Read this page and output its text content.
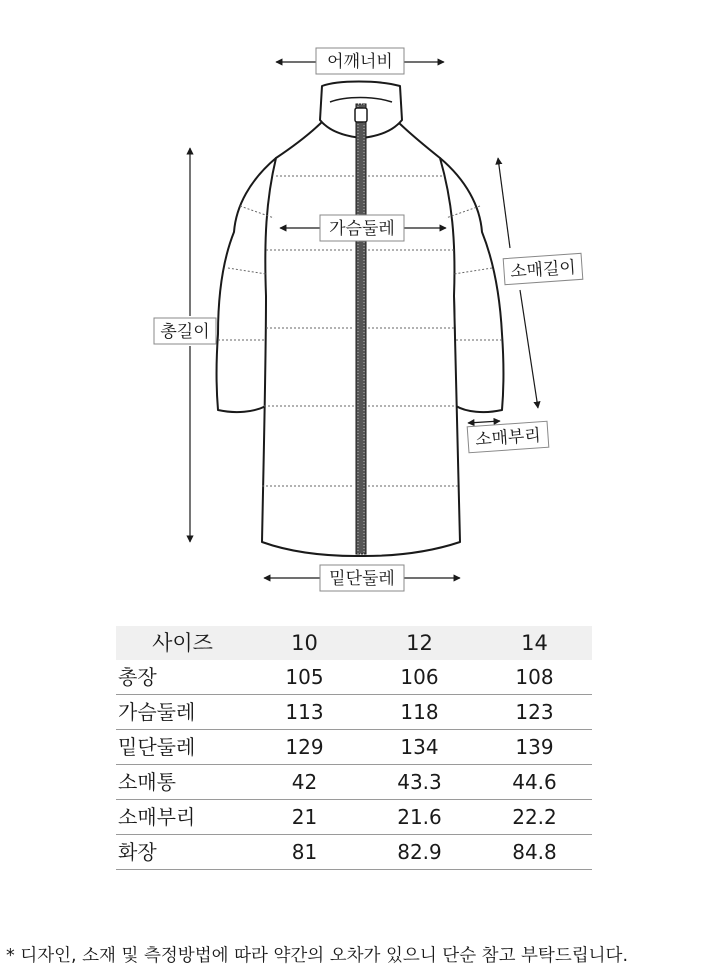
어깨너비
가슴둘레
총길이
소매길이
소매부리
밑단둘레
사이즈	10	12	14
총장	105	106	108
가슴둘레	113	118	123
밑단둘레	129	134	139
소매통	42	43.3	44.6
소매부리	21	21.6	22.2
화장	81	82.9	84.8
* 디자인, 소재 및 측정방법에 따라 약간의 오차가 있으니 단순 참고 부탁드립니다.
